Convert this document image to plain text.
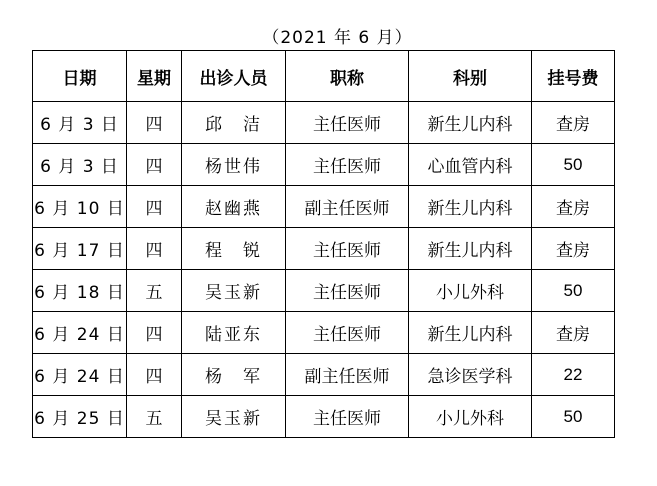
（2021 年 6 月）
日期	星期	出诊人员	职称	科别	挂号费
6 月 3 日	四	邱　洁	主任医师	新生儿内科	查房
6 月 3 日	四	杨世伟	主任医师	心血管内科	50
6 月 10 日	四	赵幽燕	副主任医师	新生儿内科	查房
6 月 17 日	四	程　锐	主任医师	新生儿内科	查房
6 月 18 日	五	吴玉新	主任医师	小儿外科	50
6 月 24 日	四	陆亚东	主任医师	新生儿内科	查房
6 月 24 日	四	杨　军	副主任医师	急诊医学科	22
6 月 25 日	五	吴玉新	主任医师	小儿外科	50
